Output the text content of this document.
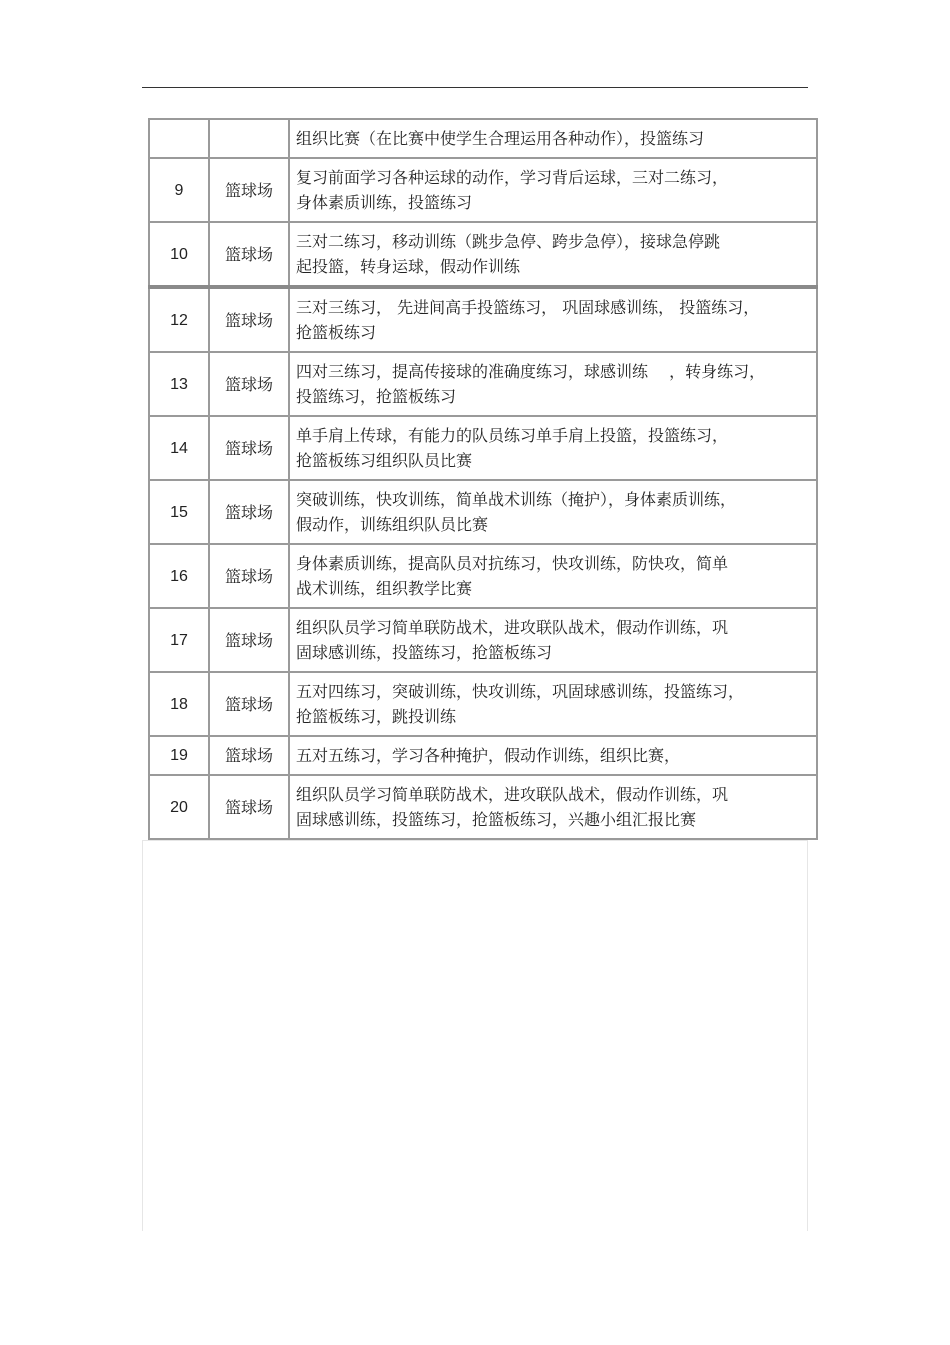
		组织比赛（在比赛中使学生合理运用各种动作），投篮练习
9	篮球场	复习前面学习各种运球的动作，学习背后运球，三对二练习，
身体素质训练，投篮练习
10	篮球场	三对二练习，移动训练（跳步急停、跨步急停），接球急停跳
起投篮，转身运球，假动作训练
12	篮球场	三对三练习， 先进间高手投篮练习， 巩固球感训练， 投篮练习，
抢篮板练习
13	篮球场	四对三练习，提高传接球的准确度练习，球感训练　 ，转身练习，
投篮练习，抢篮板练习
14	篮球场	单手肩上传球，有能力的队员练习单手肩上投篮，投篮练习，
抢篮板练习组织队员比赛
15	篮球场	突破训练，快攻训练，简单战术训练（掩护），身体素质训练，
假动作，训练组织队员比赛
16	篮球场	身体素质训练，提高队员对抗练习，快攻训练，防快攻，简单
战术训练，组织教学比赛
17	篮球场	组织队员学习简单联防战术，进攻联队战术，假动作训练，巩
固球感训练，投篮练习，抢篮板练习
18	篮球场	五对四练习，突破训练，快攻训练，巩固球感训练，投篮练习，
抢篮板练习，跳投训练
19	篮球场	五对五练习，学习各种掩护，假动作训练，组织比赛，
20	篮球场	组织队员学习简单联防战术，进攻联队战术，假动作训练，巩
固球感训练，投篮练习，抢篮板练习，兴趣小组汇报比赛
